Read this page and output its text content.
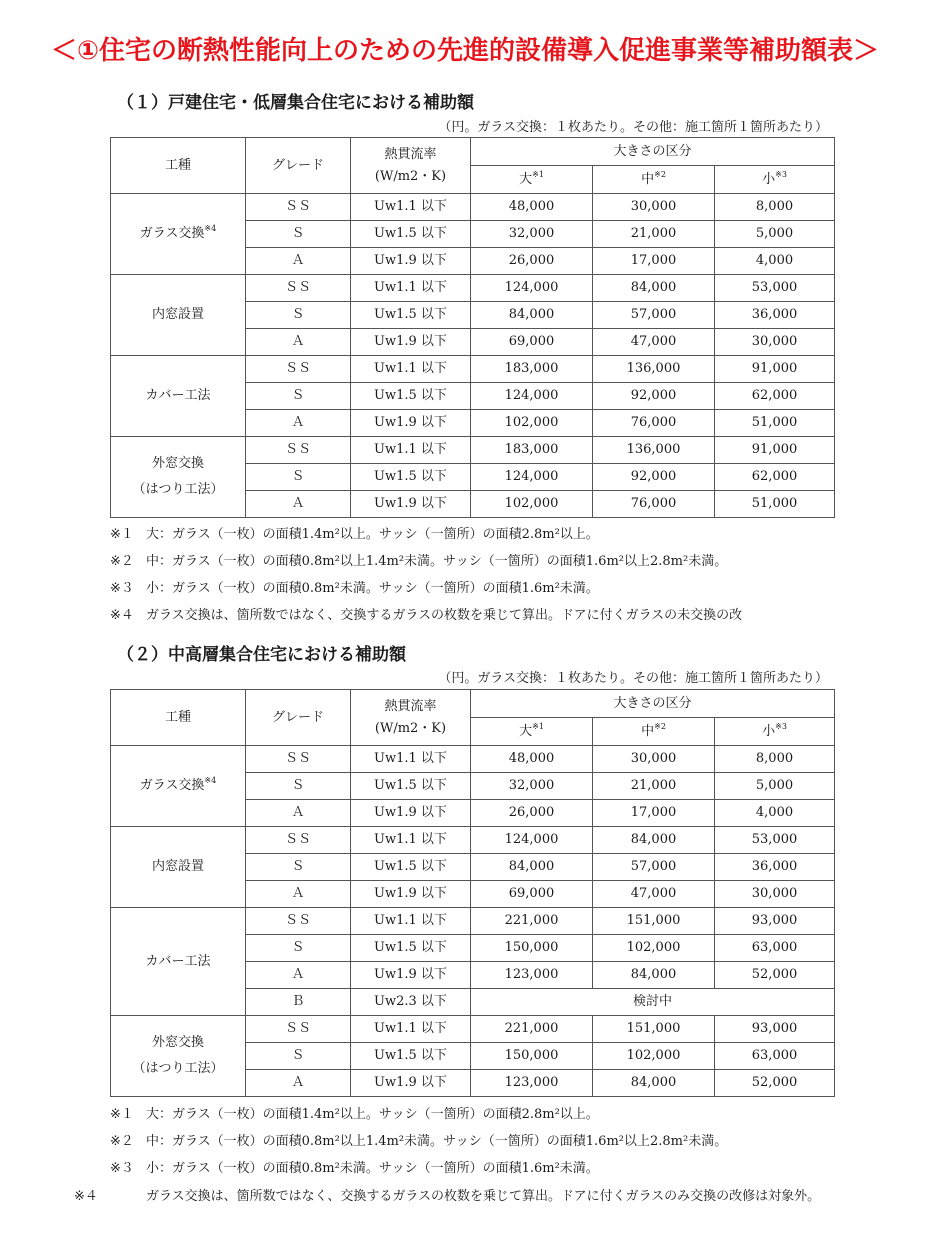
＜①住宅の断熱性能向上のための先進的設備導入促進事業等補助額表＞
（１）戸建住宅・低層集合住宅における補助額
（円。ガラス交換：１枚あたり。その他：施工箇所１箇所あたり）
工種	グレード	熱貫流率
(W/m2・K)	大きさの区分		
			大$^{※1}$	中$^{※2}$	小$^{※3}$
ガラス交換$^{※4}$	ＳＳ	Uw1.1 以下	48,000	30,000	8,000
	Ｓ	Uw1.5 以下	32,000	21,000	5,000
	Ａ	Uw1.9 以下	26,000	17,000	4,000
内窓設置	ＳＳ	Uw1.1 以下	124,000	84,000	53,000
	Ｓ	Uw1.5 以下	84,000	57,000	36,000
	Ａ	Uw1.9 以下	69,000	47,000	30,000
カバー工法	ＳＳ	Uw1.1 以下	183,000	136,000	91,000
	Ｓ	Uw1.5 以下	124,000	92,000	62,000
	Ａ	Uw1.9 以下	102,000	76,000	51,000
外窓交換
（はつり工法）	ＳＳ	Uw1.1 以下	183,000	136,000	91,000
	Ｓ	Uw1.5 以下	124,000	92,000	62,000
	Ａ	Uw1.9 以下	102,000	76,000	51,000
※１ 大：ガラス（一枚）の面積1.4m²以上。サッシ（一箇所）の面積2.8m²以上。
※２ 中：ガラス（一枚）の面積0.8m²以上1.4m²未満。サッシ（一箇所）の面積1.6m²以上2.8m²未満。
※３ 小：ガラス（一枚）の面積0.8m²未満。サッシ（一箇所）の面積1.6m²未満。
※４ ガラス交換は、箇所数ではなく、交換するガラスの枚数を乗じて算出。ドアに付くガラスの未交換の改
（２）中高層集合住宅における補助額
（円。ガラス交換：１枚あたり。その他：施工箇所１箇所あたり）
工種	グレード	熱貫流率
(W/m2・K)	大きさの区分		
			大$^{※1}$	中$^{※2}$	小$^{※3}$
ガラス交換$^{※4}$	ＳＳ	Uw1.1 以下	48,000	30,000	8,000
	Ｓ	Uw1.5 以下	32,000	21,000	5,000
	Ａ	Uw1.9 以下	26,000	17,000	4,000
内窓設置	ＳＳ	Uw1.1 以下	124,000	84,000	53,000
	Ｓ	Uw1.5 以下	84,000	57,000	36,000
	Ａ	Uw1.9 以下	69,000	47,000	30,000
カバー工法	ＳＳ	Uw1.1 以下	221,000	151,000	93,000
	Ｓ	Uw1.5 以下	150,000	102,000	63,000
	Ａ	Uw1.9 以下	123,000	84,000	52,000
	Ｂ	Uw2.3 以下	検討中		
外窓交換
（はつり工法）	ＳＳ	Uw1.1 以下	221,000	151,000	93,000
	Ｓ	Uw1.5 以下	150,000	102,000	63,000
	Ａ	Uw1.9 以下	123,000	84,000	52,000
※１ 大：ガラス（一枚）の面積1.4m²以上。サッシ（一箇所）の面積2.8m²以上。
※２ 中：ガラス（一枚）の面積0.8m²以上1.4m²未満。サッシ（一箇所）の面積1.6m²以上2.8m²未満。
※３ 小：ガラス（一枚）の面積0.8m²未満。サッシ（一箇所）の面積1.6m²未満。
※４	ガラス交換は、箇所数ではなく、交換するガラスの枚数を乗じて算出。ドアに付くガラスのみ交換の改修は対象外。
